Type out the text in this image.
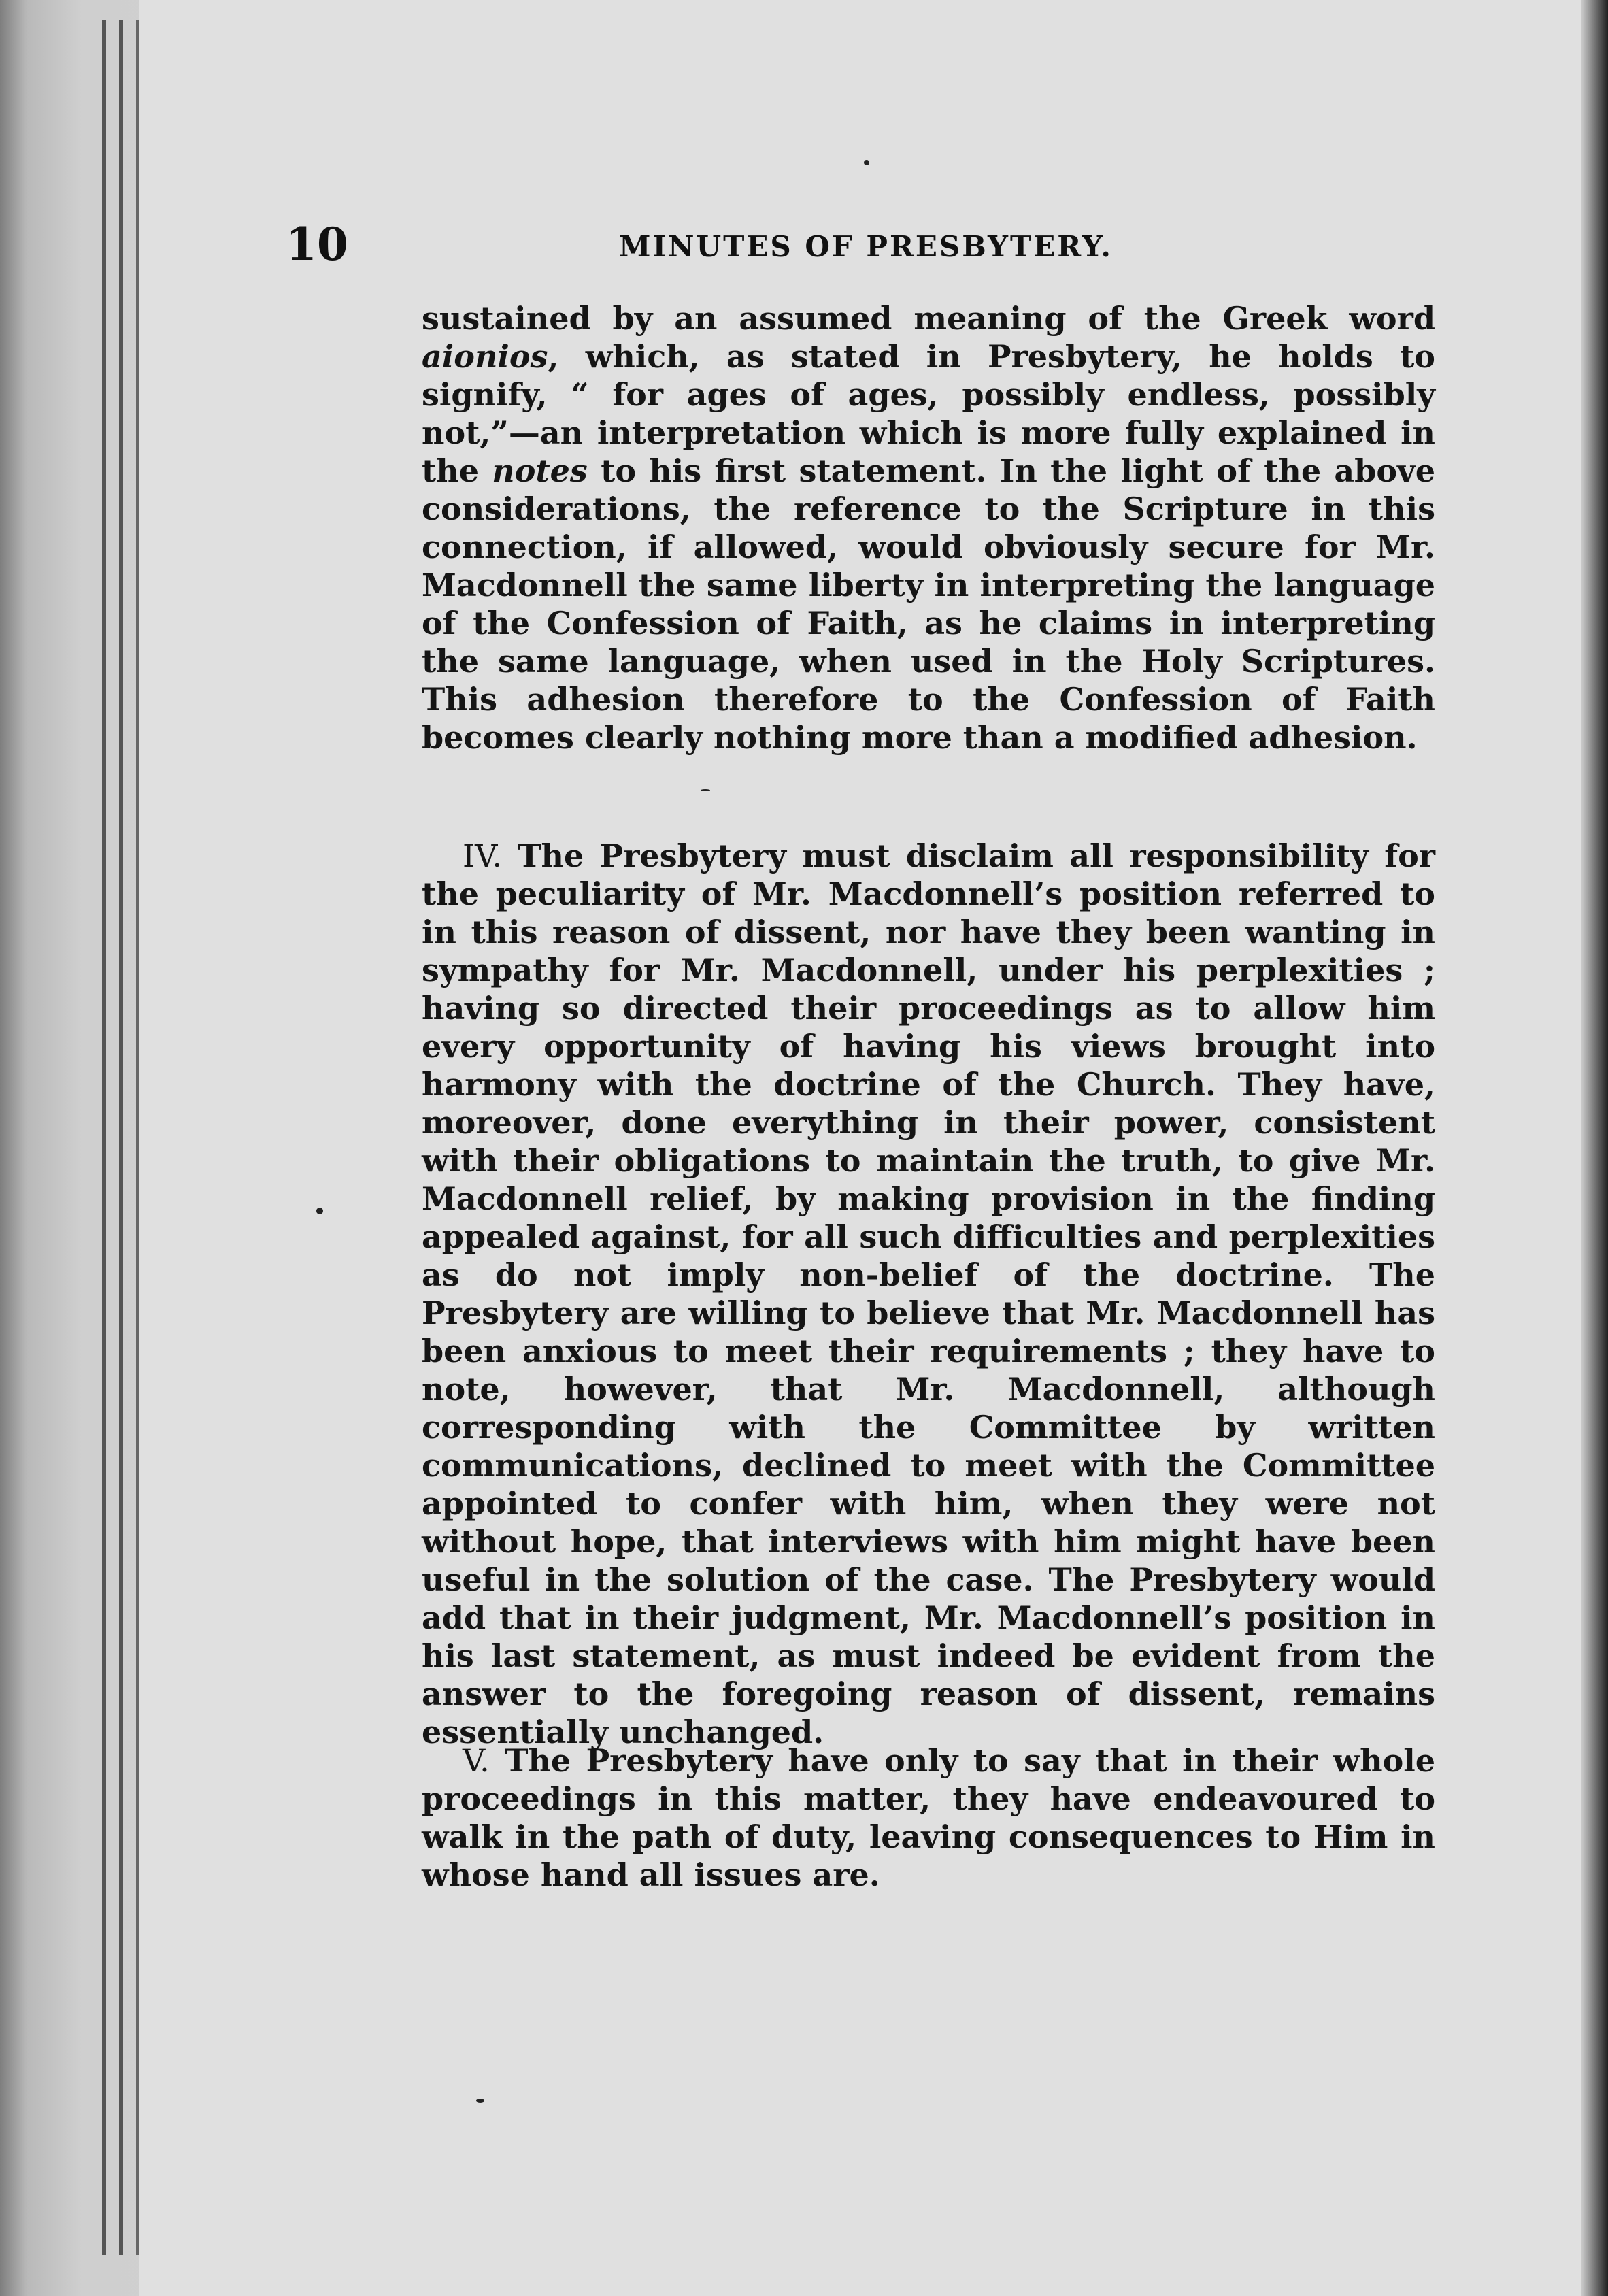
10	MINUTES OF PRESBYTERY.

sustained by an assumed meaning of the Greek word aionios, which, as stated in Presbytery, he holds to signify, “ for ages of ages, possibly endless, possibly not,”—an interpretation which is more fully explained in the notes to his first statement. In the light of the above considerations, the reference to the Scripture in this connection, if allowed, would obviously secure for Mr. Macdonnell the same liberty in interpreting the language of the Confession of Faith, as he claims in interpreting the same language, when used in the Holy Scriptures. This adhesion therefore to the Confession of Faith becomes clearly nothing more than a modified adhesion.

IV. The Presbytery must disclaim all responsibility for the peculiarity of Mr. Macdonnell’s position referred to in this reason of dissent, nor have they been wanting in sympathy for Mr. Macdonnell, under his perplexities ; having so directed their proceedings as to allow him every opportunity of having his views brought into harmony with the doctrine of the Church. They have, moreover, done everything in their power, consistent with their obligations to maintain the truth, to give Mr. Macdonnell relief, by making provision in the finding appealed against, for all such difficulties and perplexities as do not imply non-belief of the doctrine. The Presbytery are willing to believe that Mr. Macdonnell has been anxious to meet their requirements ; they have to note, however, that Mr. Macdonnell, although corresponding with the Committee by written communications, declined to meet with the Committee appointed to confer with him, when they were not without hope, that interviews with him might have been useful in the solution of the case. The Presbytery would add that in their judgment, Mr. Macdonnell’s position in his last statement, as must indeed be evident from the answer to the foregoing reason of dissent, remains essentially unchanged.

V. The Presbytery have only to say that in their whole proceedings in this matter, they have endeavoured to walk in the path of duty, leaving consequences to Him in whose hand all issues are.
